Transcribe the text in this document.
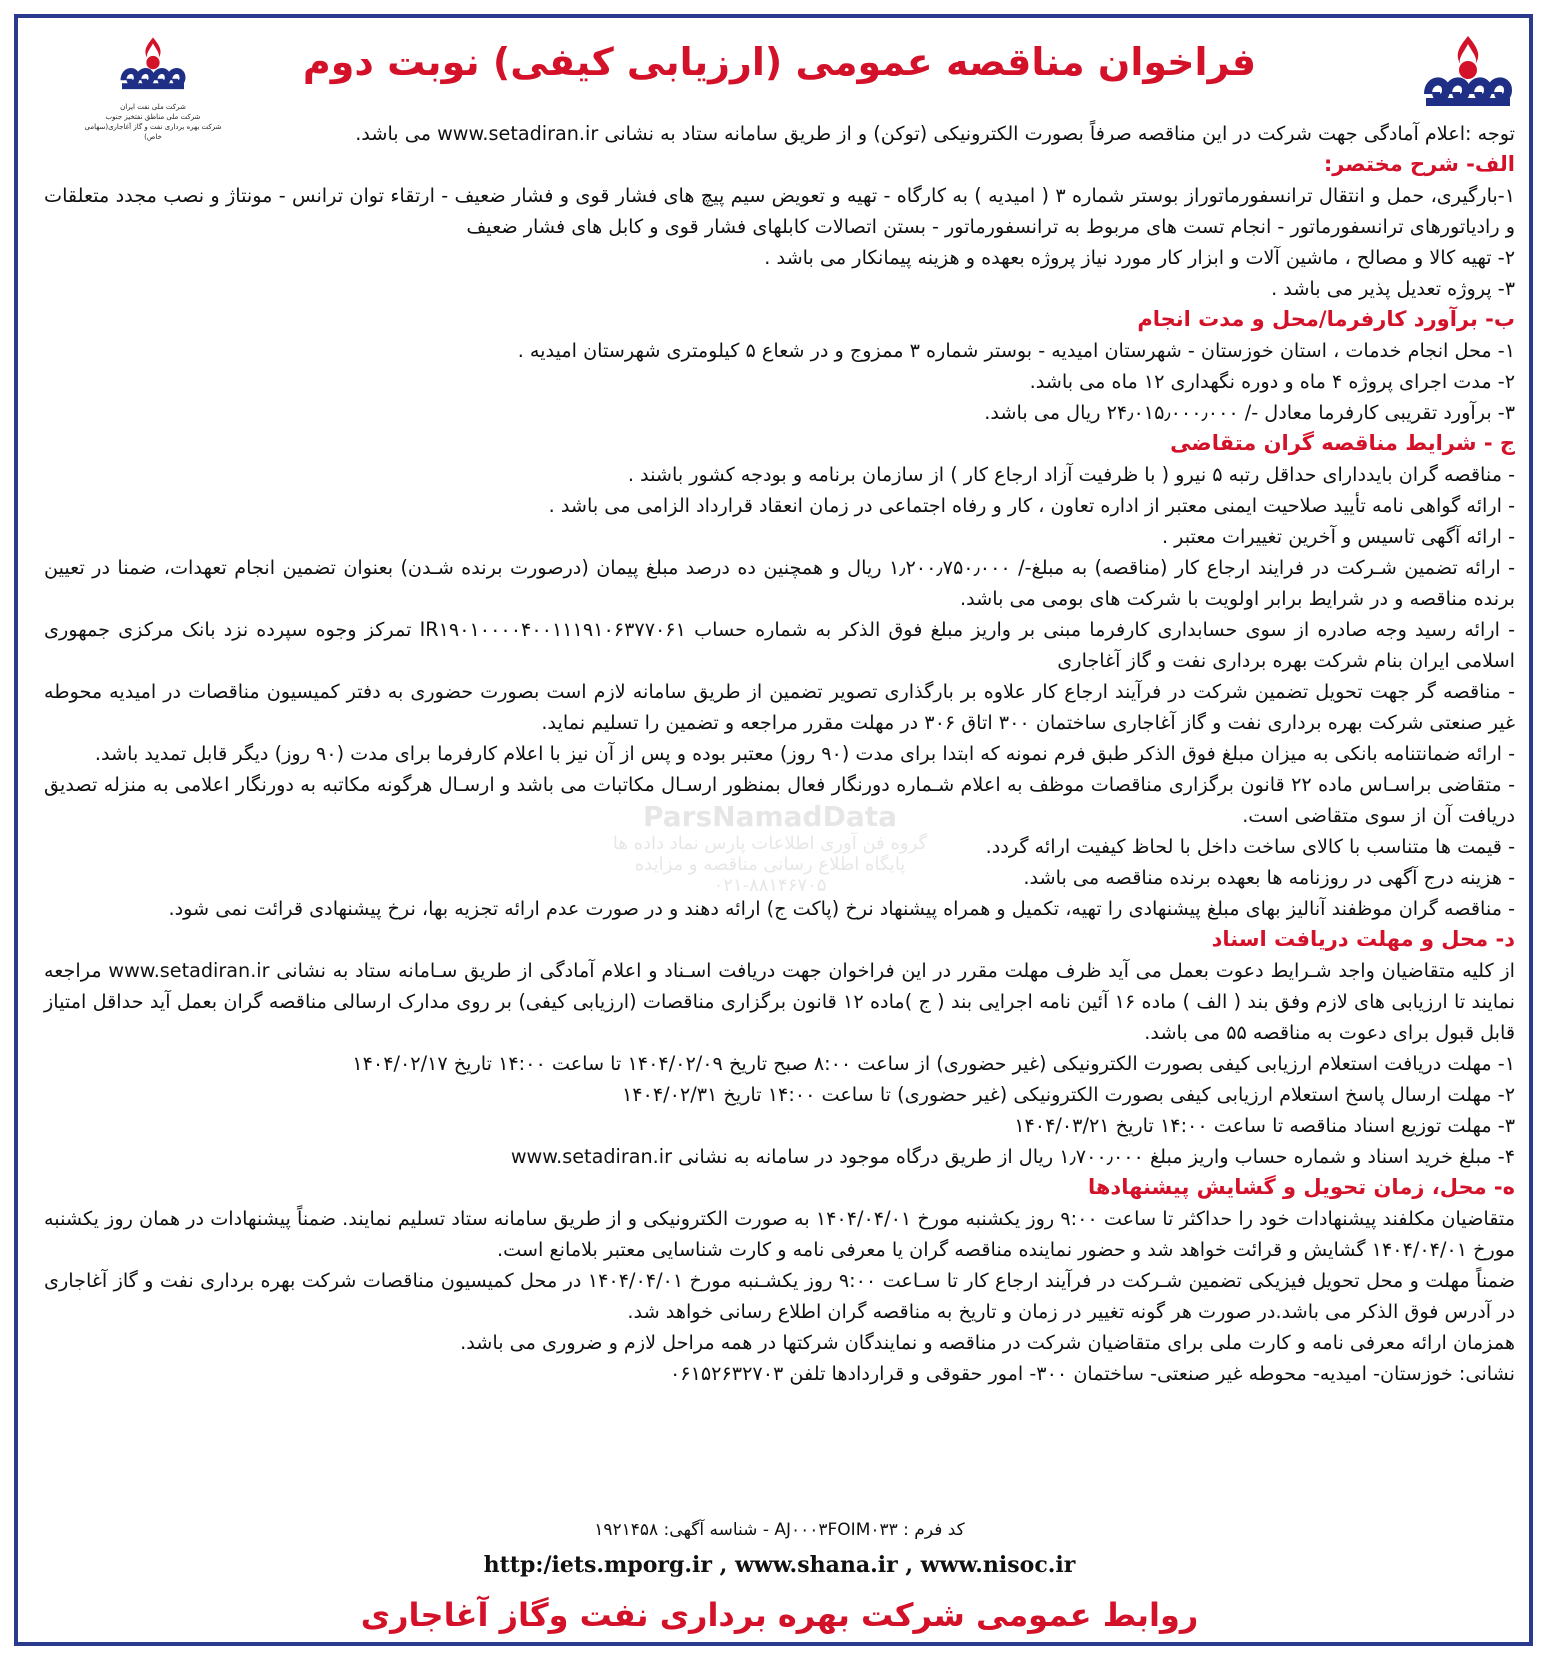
شرکت ملی نفت ایران
شرکت ملی مناطق نفتخیز جنوب
شرکت بهره برداری نفت و گاز آغاجاری(سهامی خاص)
فراخوان مناقصه عمومی (ارزیابی کیفی) نوبت دوم
ParsNamadData
گروه فن آوری اطلاعات پارس نماد داده ها
پایگاه اطلاع رسانی مناقصه و مزایده
۰۲۱-۸۸۱۴۶۷۰۵

توجه :اعلام آمادگی جهت شرکت در این مناقصه صرفاً بصورت الکترونیکی (توکن) و از طریق سامانه ستاد به نشانی www.setadiran.ir می باشد.

الف- شرح مختصر:

۱-بارگیری، حمل و انتقال ترانسفورماتوراز بوستر شماره ۳ ( امیدیه ) به کارگاه - تهیه و تعویض سیم پیچ های فشار قوی و فشار ضعیف - ارتقاء توان ترانس - مونتاژ و نصب مجدد متعلقات و رادیاتورهای ترانسفورماتور - انجام تست های مربوط به ترانسفورماتور - بستن اتصالات کابلهای فشار قوی و کابل های فشار ضعیف

۲- تهیه کالا و مصالح ، ماشین آلات و ابزار کار مورد نیاز پروژه بعهده و هزینه پیمانکار می باشد .

۳- پروژه تعدیل پذیر می باشد .

ب- برآورد کارفرما/محل و مدت انجام

۱- محل انجام خدمات ، استان خوزستان - شهرستان امیدیه - بوستر شماره ۳ ممزوج و در شعاع ۵ کیلومتری شهرستان امیدیه .

۲- مدت اجرای پروژه ۴ ماه و دوره نگهداری ۱۲ ماه می باشد.

۳- برآورد تقریبی کارفرما معادل -/ ۲۴٫۰۱۵٫۰۰۰٫۰۰۰ ریال می باشد.

ج - شرایط مناقصه گران متقاضی

- مناقصه گران بایددارای حداقل رتبه ۵ نیرو ( با ظرفیت آزاد ارجاع کار ) از سازمان برنامه و بودجه کشور باشند .

- ارائه گواهی نامه تأیید صلاحیت ایمنی معتبر از اداره تعاون ، کار و رفاه اجتماعی در زمان انعقاد قرارداد الزامی می باشد .

- ارائه آگهی تاسیس و آخرین تغییرات معتبر .

- ارائه تضمین شـرکت در فرایند ارجاع کار (مناقصه) به مبلغ-/ ۱٫۲۰۰٫۷۵۰٫۰۰۰ ریال و همچنین ده درصد مبلغ پیمان (درصورت برنده شـدن) بعنوان تضمین انجام تعهدات، ضمنا در تعیین برنده مناقصه و در شرایط برابر اولویت با شرکت های بومی می باشد.

- ارائه رسید وجه صادره از سوی حسابداری کارفرما مبنی بر واریز مبلغ فوق الذکر به شماره حساب IR۱۹۰۱۰۰۰۰۴۰۰۱۱۱۹۱۰۶۳۷۷۰۶۱ تمرکز وجوه سپرده نزد بانک مرکزی جمهوری اسلامی ایران بنام شرکت بهره برداری نفت و گاز آغاجاری

- مناقصه گر جهت تحویل تضمین شرکت در فرآیند ارجاع کار علاوه بر بارگذاری تصویر تضمین از طریق سامانه لازم است بصورت حضوری به دفتر کمیسیون مناقصات در امیدیه محوطه غیر صنعتی شرکت بهره برداری نفت و گاز آغاجاری ساختمان ۳۰۰ اتاق ۳۰۶ در مهلت مقرر مراجعه و تضمین را تسلیم نماید.

- ارائه ضمانتنامه بانکی به میزان مبلغ فوق الذکر طبق فرم نمونه که ابتدا برای مدت (۹۰ روز) معتبر بوده و پس از آن نیز با اعلام کارفرما برای مدت (۹۰ روز) دیگر قابل تمدید باشد.

- متقاضی براسـاس ماده ۲۲ قانون برگزاری مناقصات موظف به اعلام شـماره دورنگار فعال بمنظور ارسـال مکاتبات می باشد و ارسـال هرگونه مکاتبه به دورنگار اعلامی به منزله تصدیق دریافت آن از سوی متقاضی است.

- قیمت ها متناسب با کالای ساخت داخل با لحاظ کیفیت ارائه گردد.

- هزینه درج آگهی در روزنامه ها بعهده برنده مناقصه می باشد.

- مناقصه گران موظفند آنالیز بهای مبلغ پیشنهادی را تهیه، تکمیل و همراه پیشنهاد نرخ (پاکت ج) ارائه دهند و در صورت عدم ارائه تجزیه بها، نرخ پیشنهادی قرائت نمی شود.

د- محل و مهلت دریافت اسناد

از کلیه متقاضیان واجد شـرایط دعوت بعمل می آید ظرف مهلت مقرر در این فراخوان جهت دریافت اسـناد و اعلام آمادگی از طریق سـامانه ستاد به نشانی www.setadiran.ir مراجعه نمایند تا ارزیابی های لازم وفق بند ( الف ) ماده ۱۶ آئین نامه اجرایی بند ( ج )ماده ۱۲ قانون برگزاری مناقصات (ارزیابی کیفی) بر روی مدارک ارسالی مناقصه گران بعمل آید حداقل امتیاز قابل قبول برای دعوت به مناقصه ۵۵ می باشد.

۱- مهلت دریافت استعلام ارزیابی کیفی بصورت الکترونیکی (غیر حضوری) از ساعت ۸:۰۰ صبح تاریخ ۱۴۰۴/۰۲/۰۹ تا ساعت ۱۴:۰۰ تاریخ ۱۴۰۴/۰۲/۱۷

۲- مهلت ارسال پاسخ استعلام ارزیابی کیفی بصورت الکترونیکی (غیر حضوری) تا ساعت ۱۴:۰۰ تاریخ ۱۴۰۴/۰۲/۳۱

۳- مهلت توزیع اسناد مناقصه تا ساعت ۱۴:۰۰ تاریخ ۱۴۰۴/۰۳/۲۱

۴- مبلغ خرید اسناد و شماره حساب واریز مبلغ ۱٫۷۰۰٫۰۰۰ ریال از طریق درگاه موجود در سامانه به نشانی www.setadiran.ir

ه- محل، زمان تحویل و گشایش پیشنهادها

متقاضیان مکلفند پیشنهادات خود را حداکثر تا ساعت ۹:۰۰ روز یکشنبه مورخ ۱۴۰۴/۰۴/۰۱ به صورت الکترونیکی و از طریق سامانه ستاد تسلیم نمایند. ضمناً پیشنهادات در همان روز یکشنبه مورخ ۱۴۰۴/۰۴/۰۱ گشایش و قرائت خواهد شد و حضور نماینده مناقصه گران یا معرفی نامه و کارت شناسایی معتبر بلامانع است.

ضمناً مهلت و محل تحویل فیزیکی تضمین شـرکت در فرآیند ارجاع کار تا سـاعت ۹:۰۰ روز یکشـنبه مورخ ۱۴۰۴/۰۴/۰۱ در محل کمیسیون مناقصات شرکت بهره برداری نفت و گاز آغاجاری در آدرس فوق الذکر می باشد.در صورت هر گونه تغییر در زمان و تاریخ به مناقصه گران اطلاع رسانی خواهد شد.

همزمان ارائه معرفی نامه و کارت ملی برای متقاضیان شرکت در مناقصه و نمایندگان شرکتها در همه مراحل لازم و ضروری می باشد.

نشانی: خوزستان- امیدیه- محوطه غیر صنعتی- ساختمان ۳۰۰- امور حقوقی و قراردادها تلفن ۰۶۱۵۲۶۳۲۷۰۳

کد فرم : AJ۰۰۰۳FOIM۰۳۳ - شناسه آگهی: ۱۹۲۱۴۵۸
http:/iets.mporg.ir , www.shana.ir , www.nisoc.ir
روابط عمومی شرکت بهره برداری نفت وگاز آغاجاری
